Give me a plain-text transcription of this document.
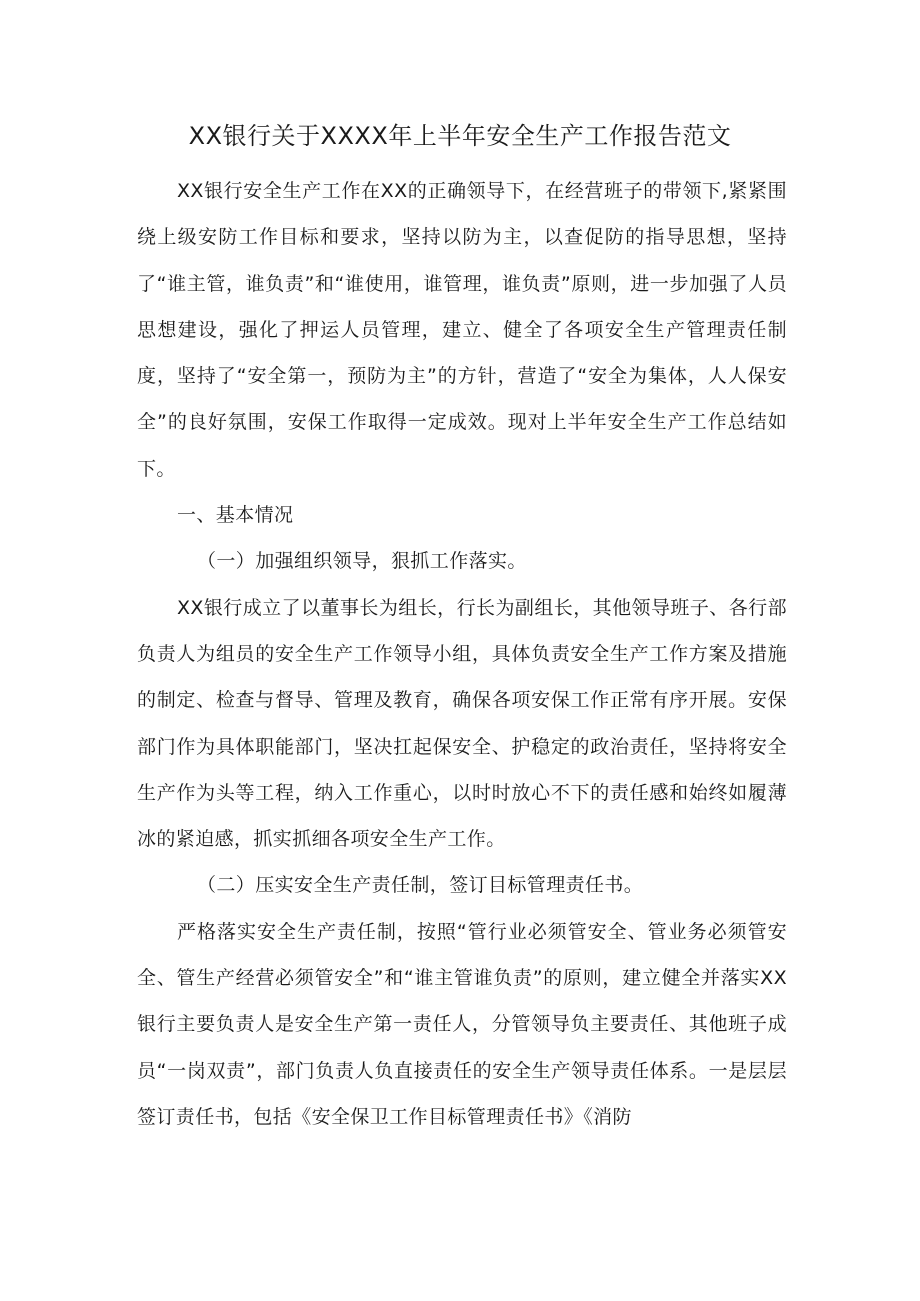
XX银行关于XXXX年上半年安全生产工作报告范文

XX银行安全生产工作在XX的正确领导下，在经营班子的带领下,紧紧围绕上级安防工作目标和要求，坚持以防为主，以查促防的指导思想，坚持了“谁主管，谁负责”和“谁使用，谁管理，谁负责”原则，进一步加强了人员思想建设，强化了押运人员管理，建立、健全了各项安全生产管理责任制度，坚持了“安全第一，预防为主”的方针，营造了“安全为集体，人人保安全”的良好氛围，安保工作取得一定成效。现对上半年安全生产工作总结如下。

一、基本情况

（一）加强组织领导，狠抓工作落实。

XX银行成立了以董事长为组长，行长为副组长，其他领导班子、各行部负责人为组员的安全生产工作领导小组，具体负责安全生产工作方案及措施的制定、检查与督导、管理及教育，确保各项安保工作正常有序开展。安保部门作为具体职能部门，坚决扛起保安全、护稳定的政治责任，坚持将安全生产作为头等工程，纳入工作重心，以时时放心不下的责任感和始终如履薄冰的紧迫感，抓实抓细各项安全生产工作。

（二）压实安全生产责任制，签订目标管理责任书。

严格落实安全生产责任制，按照“管行业必须管安全、管业务必须管安全、管生产经营必须管安全”和“谁主管谁负责”的原则，建立健全并落实XX银行主要负责人是安全生产第一责任人，分管领导负主要责任、其他班子成员“一岗双责”，部门负责人负直接责任的安全生产领导责任体系。一是层层签订责任书，包括《安全保卫工作目标管理责任书》《消防
